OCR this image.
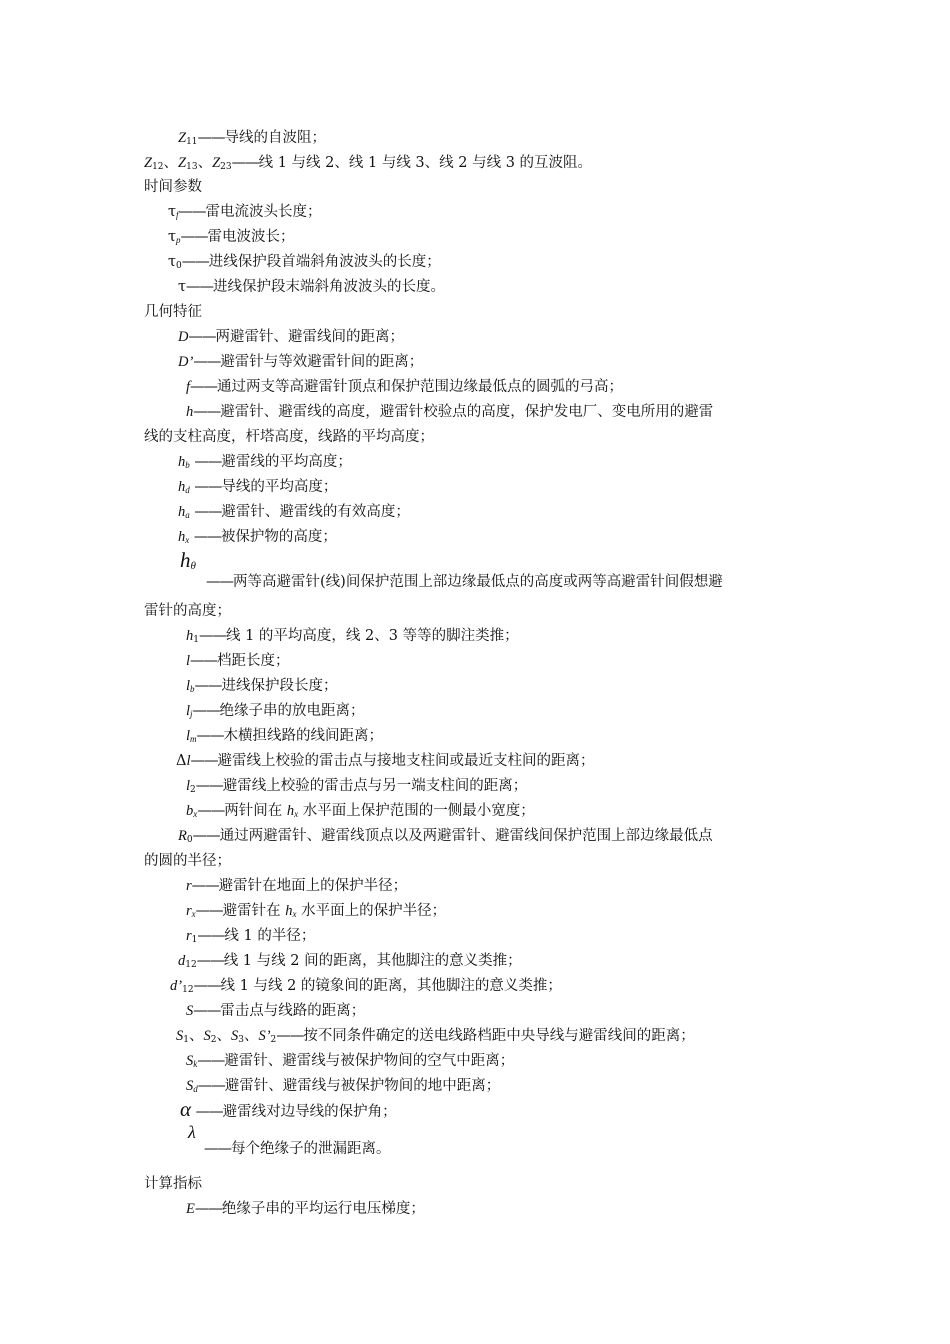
$Z_{11}——$导线的自波阻；
$Z_{12}$、$Z_{13}$、$Z_{23}——$线 1 与线 2、线 1 与线 3、线 2 与线 3 的互波阻。
时间参数
$\tau_f——$雷电流波头长度；
$\tau_p——$雷电波波长；
$\tau_0——$进线保护段首端斜角波波头的长度；
τ——进线保护段末端斜角波波头的长度。
几何特征
D——两避雷针、避雷线间的距离；
D’——避雷针与等效避雷针间的距离；
f——通过两支等高避雷针顶点和保护范围边缘最低点的圆弧的弓高；
h——避雷针、避雷线的高度，避雷针校验点的高度，保护发电厂、变电所用的避雷
线的支柱高度，杆塔高度，线路的平均高度；
$h_b$ ——避雷线的平均高度；
$h_d$ ——导线的平均高度；
$h_a$ ——避雷针、避雷线的有效高度；
$h_x$ ——被保护物的高度；
$h_\theta$
——两等高避雷针(线)间保护范围上部边缘最低点的高度或两等高避雷针间假想避
雷针的高度；
$h_1——$线 1 的平均高度，线 2、3 等等的脚注类推；
l——档距长度；
$l_b——$进线保护段长度；
$l_j——$绝缘子串的放电距离；
$l_m——$木横担线路的线间距离；
Δl——避雷线上校验的雷击点与接地支柱间或最近支柱间的距离；
$l_2——$避雷线上校验的雷击点与另一端支柱间的距离；
$b_x——$两针间在 $h_x$ 水平面上保护范围的一侧最小宽度；
$R_0——$通过两避雷针、避雷线顶点以及两避雷针、避雷线间保护范围上部边缘最低点
的圆的半径；
r——避雷针在地面上的保护半径；
$r_x——$避雷针在 $h_x$ 水平面上的保护半径；
$r_1——$线 1 的半径；
$d_{12}——$线 1 与线 2 间的距离，其他脚注的意义类推；
$d’_{12}——$线 1 与线 2 的镜象间的距离，其他脚注的意义类推；
S——雷击点与线路的距离；
$S_1$、$S_2$、$S_3$、$S’_2——$按不同条件确定的送电线路档距中央导线与避雷线间的距离；
$S_k——$避雷针、避雷线与被保护物间的空气中距离；
$S_d——$避雷针、避雷线与被保护物间的地中距离；
α ——避雷线对边导线的保护角；
λ
——每个绝缘子的泄漏距离。
计算指标
E——绝缘子串的平均运行电压梯度；
